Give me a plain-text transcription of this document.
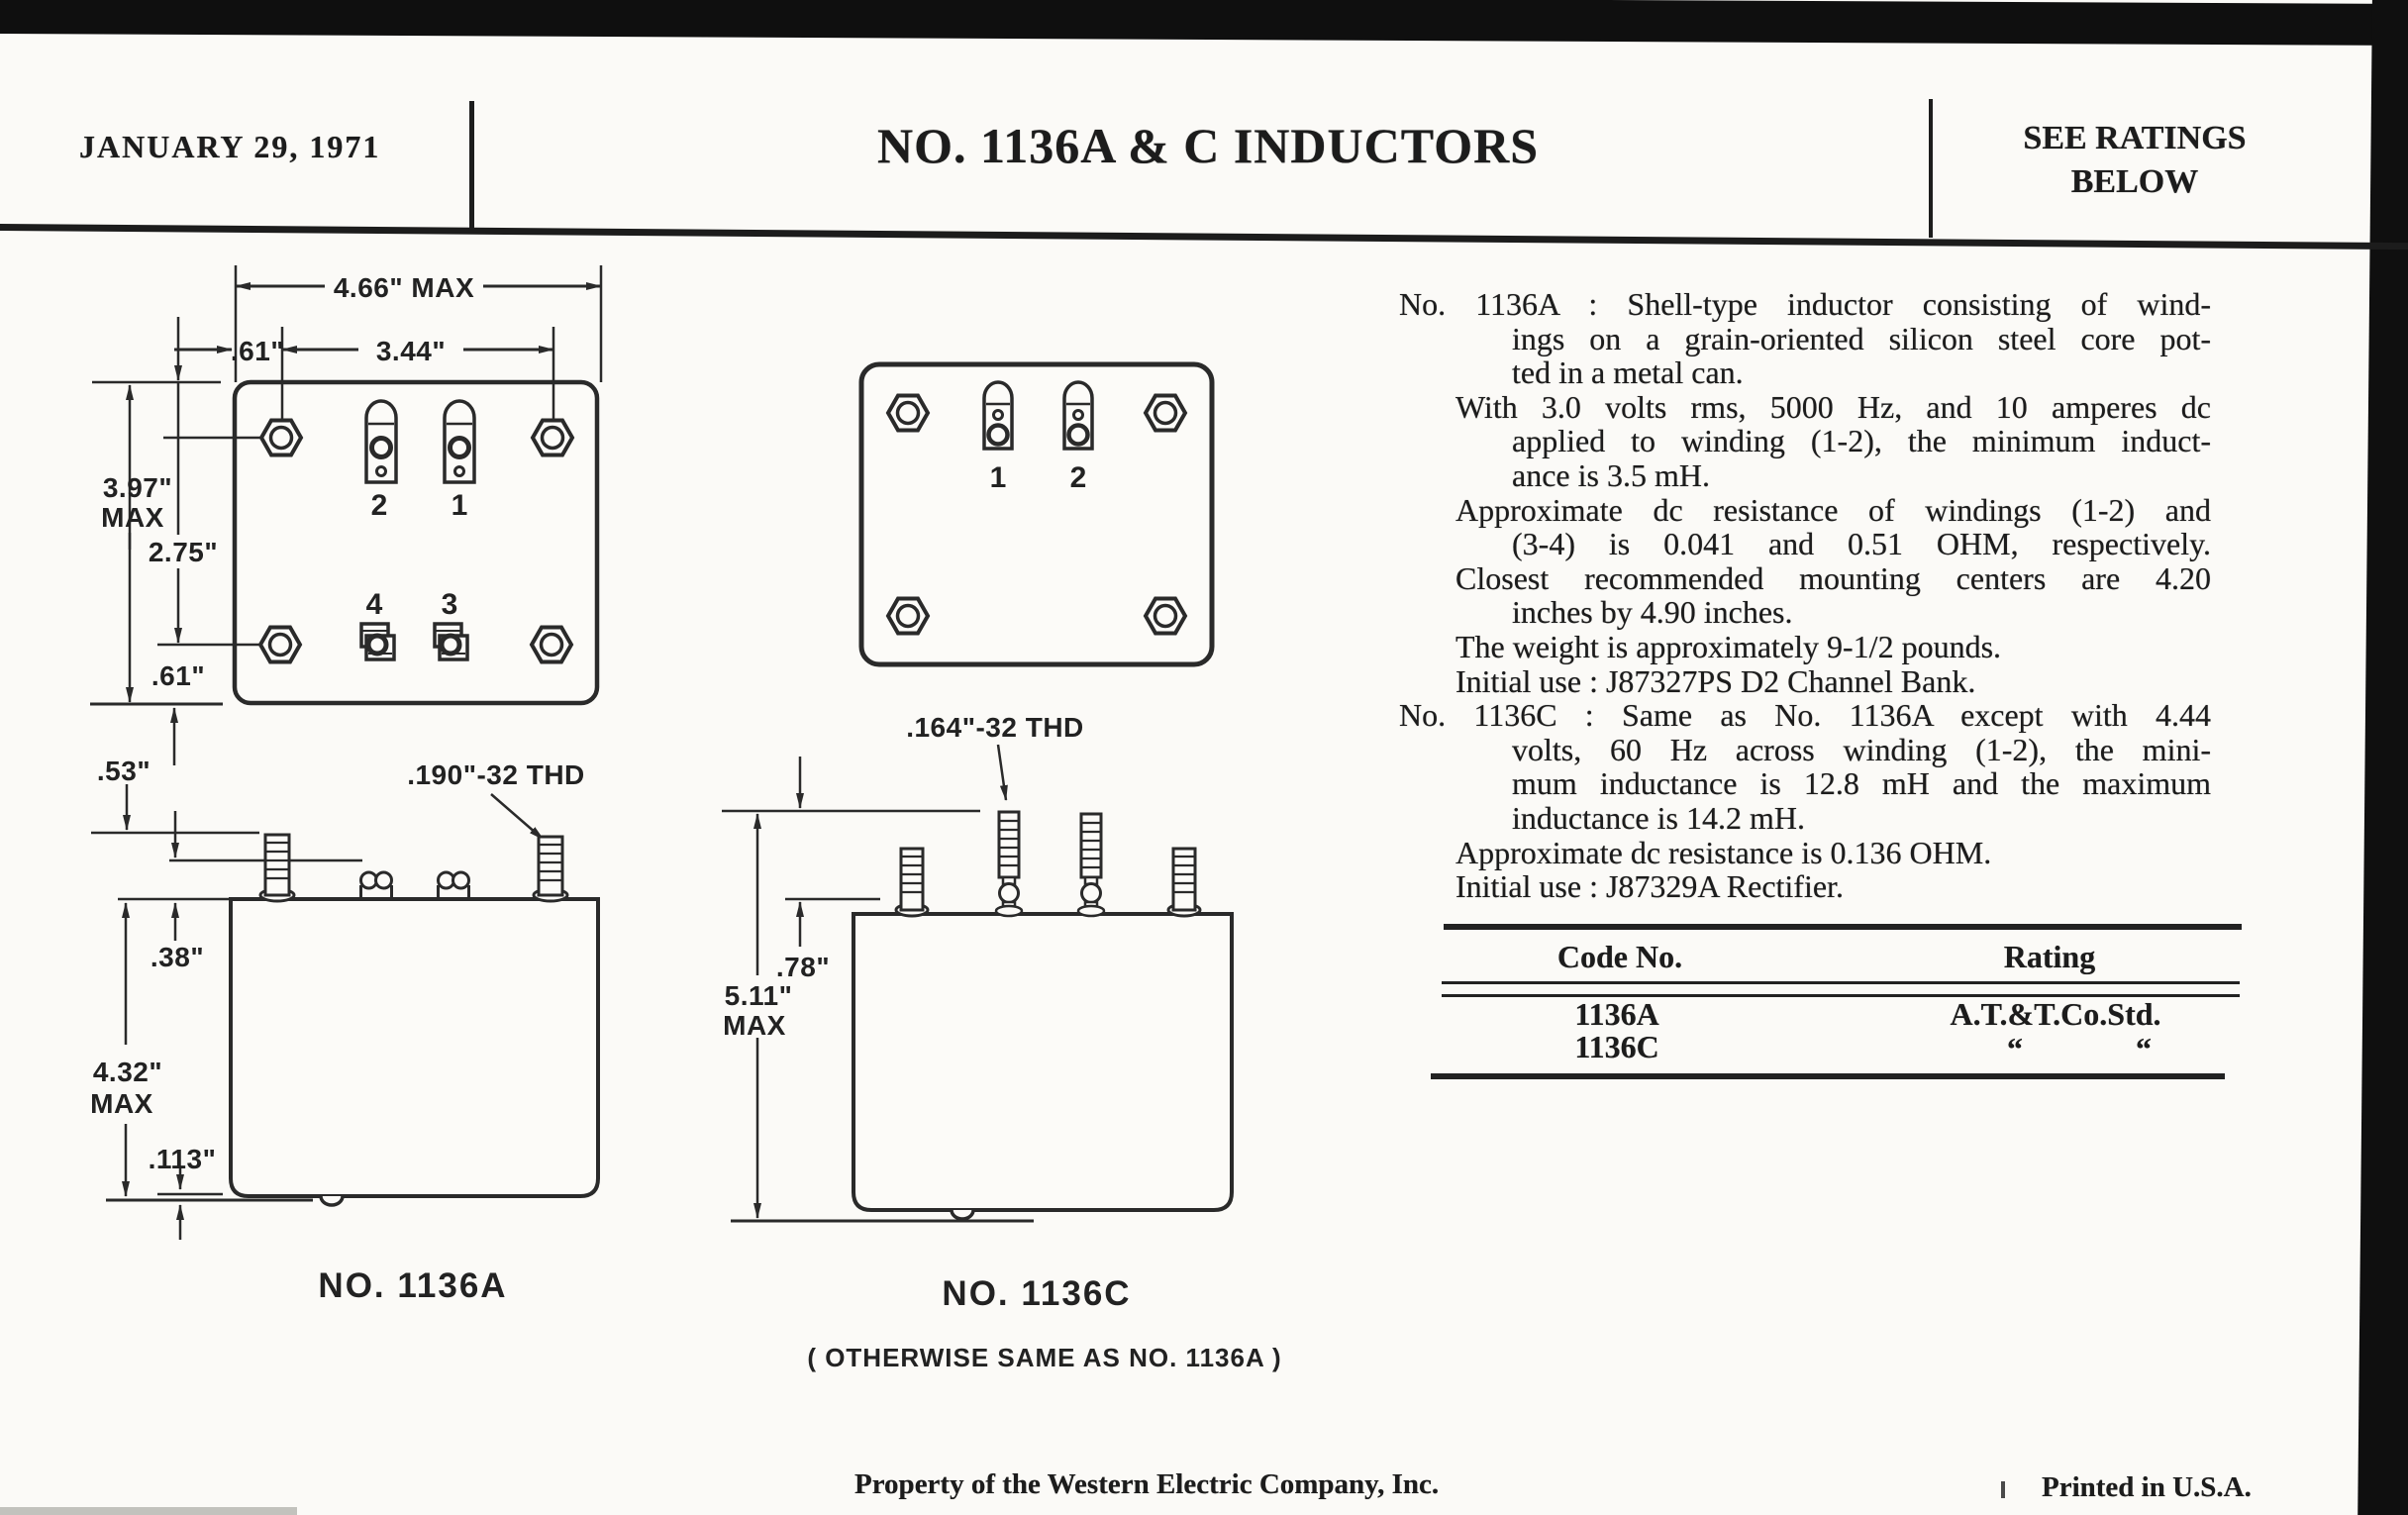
JANUARY 29, 1971	NO. 1136A & C INDUCTORS	SEE RATINGS
BELOW
4.66" MAX
.61"	3.44"
3.97"
MAX
2.75"
.61"
2 1
4 3
1 2
.53"	.190"-32 THD
.38"
4.32"
MAX
.113"
NO. 1136A
.164"-32 THD
.78"
5.11"
MAX
NO. 1136C
( OTHERWISE SAME AS NO. 1136A )
No. 1136A : Shell-type inductor consisting of wind-
ings on a grain-oriented silicon steel core pot-
ted in a metal can.
With 3.0 volts rms, 5000 Hz, and 10 amperes dc
applied to winding (1-2), the minimum induct-
ance is 3.5 mH.
Approximate dc resistance of windings (1-2) and
(3-4) is 0.041 and 0.51 OHM, respectively.
Closest recommended mounting centers are 4.20
inches by 4.90 inches.
The weight is approximately 9-1/2 pounds.
Initial use : J87327PS D2 Channel Bank.
No. 1136C : Same as No. 1136A except with 4.44
volts, 60 Hz across winding (1-2), the mini-
mum inductance is 12.8 mH and the maximum
inductance is 14.2 mH.
Approximate dc resistance is 0.136 OHM.
Initial use : J87329A Rectifier.
Code No.	Rating
1136A	A.T.&T.Co.Std.
1136C	“	“
Property of the Western Electric Company, Inc.	Printed in U.S.A.
